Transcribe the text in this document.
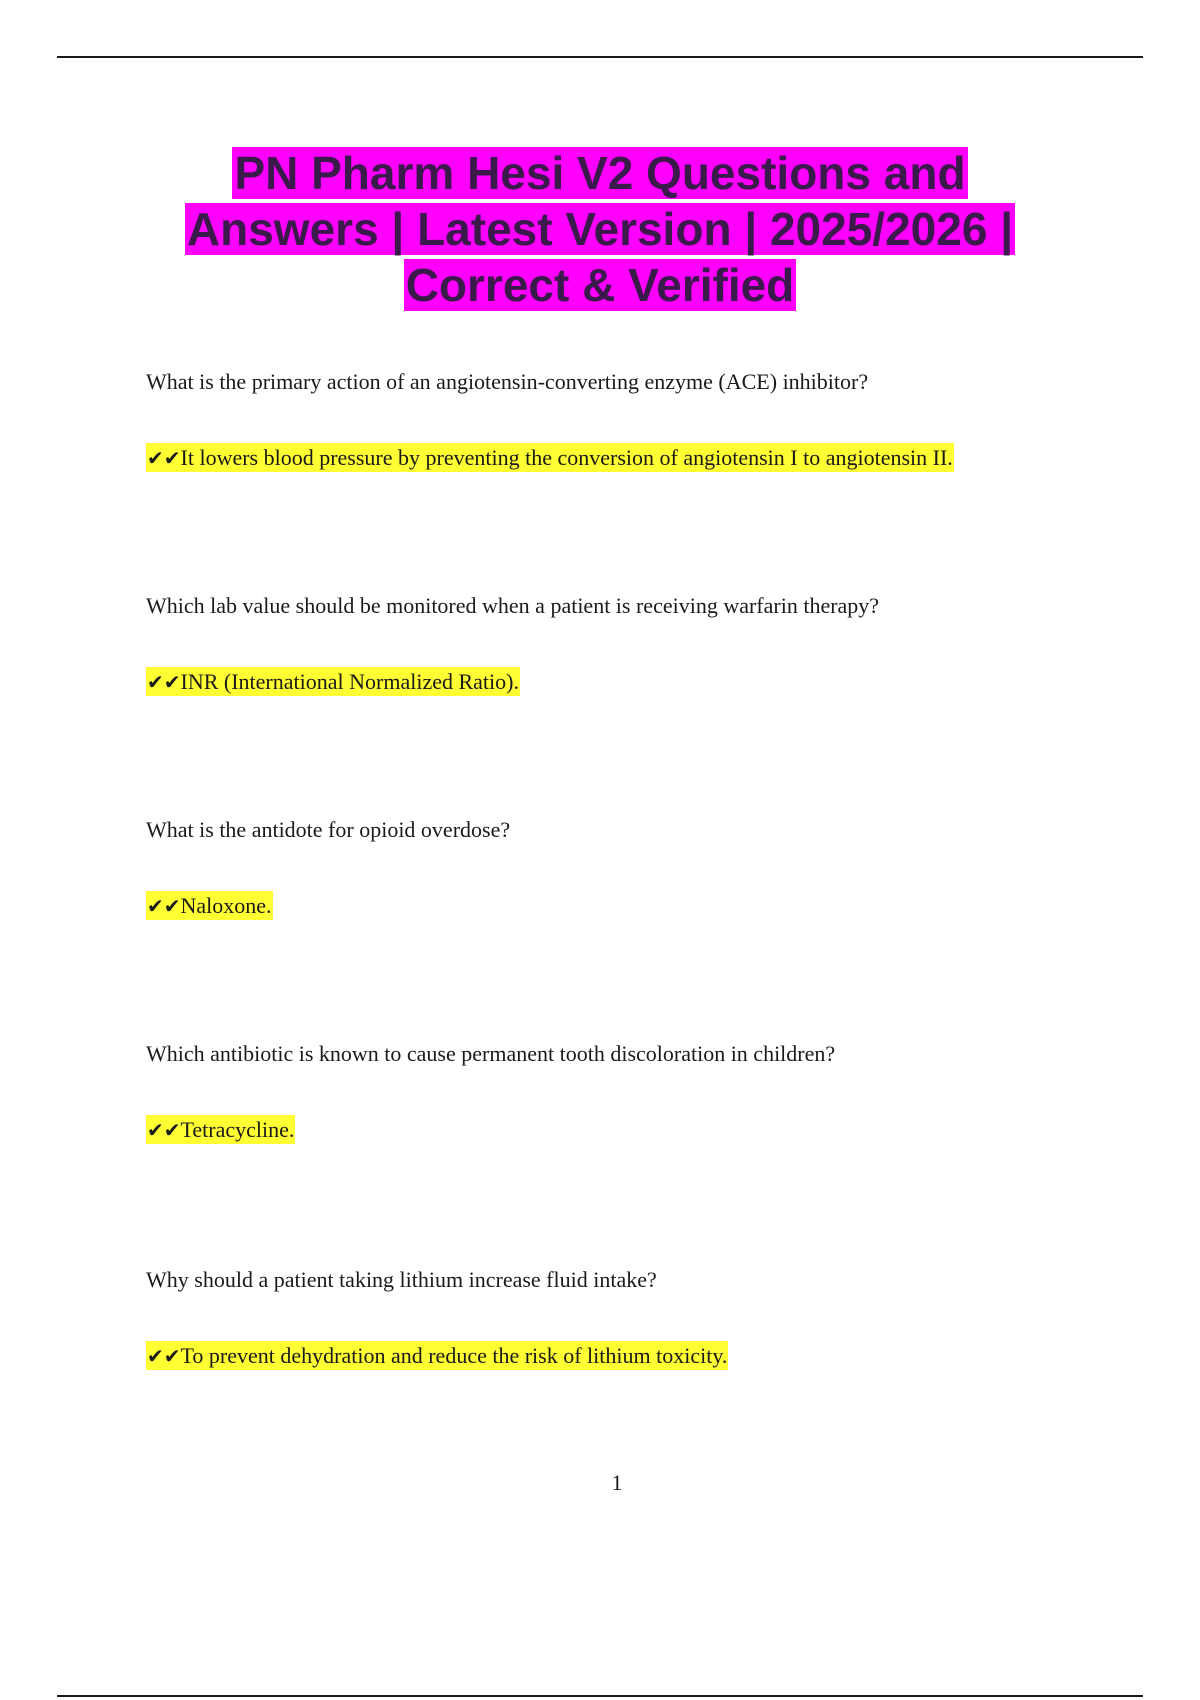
PN Pharm Hesi V2 Questions and
Answers | Latest Version | 2025/2026 |
Correct & Verified
What is the primary action of an angiotensin-converting enzyme (ACE) inhibitor?
✔✔It lowers blood pressure by preventing the conversion of angiotensin I to angiotensin II.
Which lab value should be monitored when a patient is receiving warfarin therapy?
✔✔INR (International Normalized Ratio).
What is the antidote for opioid overdose?
✔✔Naloxone.
Which antibiotic is known to cause permanent tooth discoloration in children?
✔✔Tetracycline.
Why should a patient taking lithium increase fluid intake?
✔✔To prevent dehydration and reduce the risk of lithium toxicity.
1
